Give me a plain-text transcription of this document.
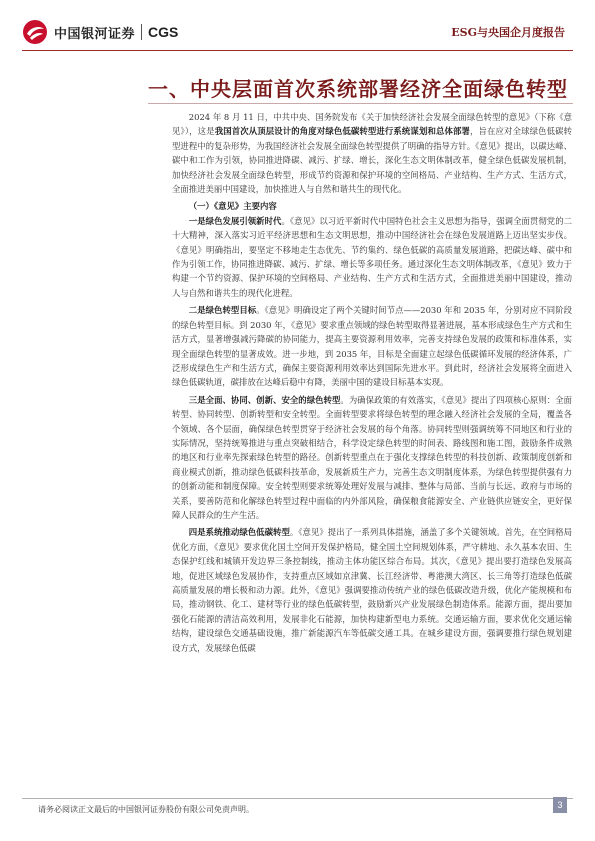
中国银河证券 CGS	ESG与央国企月度报告
一、中央层面首次系统部署经济全面绿色转型

2024 年 8 月 11 日，中共中央、国务院发布《关于加快经济社会发展全面绿色转型的意见》（下称《意见》），这是我国首次从顶层设计的角度对绿色低碳转型进行系统谋划和总体部署，旨在应对全球绿色低碳转型进程中的复杂形势，为我国经济社会发展全面绿色转型提供了明确的指导方针。《意见》提出，以碳达峰、碳中和工作为引领，协同推进降碳、减污、扩绿、增长，深化生态文明体制改革，健全绿色低碳发展机制，加快经济社会发展全面绿色转型，形成节约资源和保护环境的空间格局、产业结构、生产方式、生活方式，全面推进美丽中国建设，加快推进人与自然和谐共生的现代化。

（一）《意见》主要内容

一是绿色发展引领新时代。《意见》以习近平新时代中国特色社会主义思想为指导，强调全面贯彻党的二十大精神，深入落实习近平经济思想和生态文明思想，推动中国经济社会在绿色发展道路上迈出坚实步伐。《意见》明确指出，要坚定不移地走生态优先、节约集约、绿色低碳的高质量发展道路，把碳达峰、碳中和作为引领工作，协同推进降碳、减污、扩绿、增长等多项任务。通过深化生态文明体制改革，《意见》致力于构建一个节约资源、保护环境的空间格局、产业结构、生产方式和生活方式，全面推进美丽中国建设，推动人与自然和谐共生的现代化进程。

二是绿色转型目标。《意见》明确设定了两个关键时间节点——2030 年和 2035 年，分别对应不同阶段的绿色转型目标。到 2030 年，《意见》要求重点领域的绿色转型取得显著进展，基本形成绿色生产方式和生活方式，显著增强减污降碳的协同能力，提高主要资源利用效率，完善支持绿色发展的政策和标准体系，实现全面绿色转型的显著成效。进一步地，到 2035 年，目标是全面建立起绿色低碳循环发展的经济体系，广泛形成绿色生产和生活方式，确保主要资源利用效率达到国际先进水平。到此时，经济社会发展将全面进入绿色低碳轨道，碳排放在达峰后稳中有降，美丽中国的建设目标基本实现。

三是全面、协同、创新、安全的绿色转型。为确保政策的有效落实，《意见》提出了四项核心原则：全面转型、协同转型、创新转型和安全转型。全面转型要求将绿色转型的理念融入经济社会发展的全局，覆盖各个领域、各个层面，确保绿色转型贯穿于经济社会发展的每个角落。协同转型则强调统筹不同地区和行业的实际情况，坚持统筹推进与重点突破相结合，科学设定绿色转型的时间表、路线图和施工图，鼓励条件成熟的地区和行业率先探索绿色转型的路径。创新转型重点在于强化支撑绿色转型的科技创新、政策制度创新和商业模式创新，推动绿色低碳科技革命，发展新质生产力，完善生态文明制度体系，为绿色转型提供强有力的创新动能和制度保障。安全转型则要求统筹处理好发展与减排、整体与局部、当前与长远、政府与市场的关系，要善防范和化解绿色转型过程中面临的内外部风险，确保粮食能源安全、产业链供应链安全，更好保障人民群众的生产生活。

四是系统推动绿色低碳转型。《意见》提出了一系列具体措施，涵盖了多个关键领域。首先，在空间格局优化方面，《意见》要求优化国土空间开发保护格局，健全国土空间规划体系，严守耕地、永久基本农田、生态保护红线和城镇开发边界三条控制线，推动主体功能区综合布局。其次，《意见》提出要打造绿色发展高地，促进区域绿色发展协作，支持重点区域如京津冀、长江经济带、粤港澳大湾区、长三角等打造绿色低碳高质量发展的增长极和动力源。此外，《意见》强调要推动传统产业的绿色低碳改造升级，优化产能规模和布局，推动钢铁、化工、建材等行业的绿色低碳转型，鼓励新兴产业发展绿色制造体系。能源方面，提出要加强化石能源的清洁高效利用，发展非化石能源，加快构建新型电力系统。交通运输方面，要求优化交通运输结构，建设绿色交通基础设施，推广新能源汽车等低碳交通工具。在城乡建设方面，强调要推行绿色规划建设方式，发展绿色低碳

请务必阅读正文最后的中国银河证券股份有限公司免责声明。	3
